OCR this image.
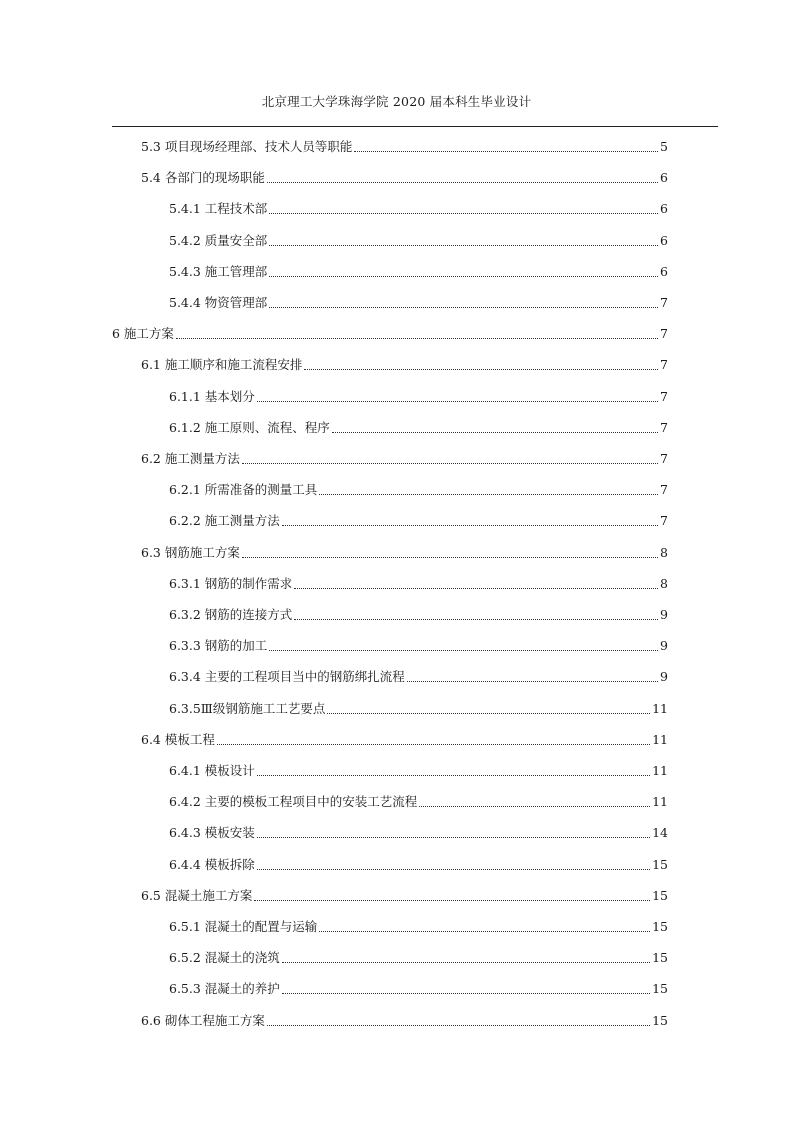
北京理工大学珠海学院 2020 届本科生毕业设计
5.3 项目现场经理部、技术人员等职能	5
5.4 各部门的现场职能	6
5.4.1 工程技术部	6
5.4.2 质量安全部	6
5.4.3 施工管理部	6
5.4.4 物资管理部	7
6 施工方案	7
6.1 施工顺序和施工流程安排	7
6.1.1 基本划分	7
6.1.2 施工原则、流程、程序	7
6.2 施工测量方法	7
6.2.1 所需准备的测量工具	7
6.2.2 施工测量方法	7
6.3 钢筋施工方案	8
6.3.1 钢筋的制作需求	8
6.3.2 钢筋的连接方式	9
6.3.3 钢筋的加工	9
6.3.4 主要的工程项目当中的钢筋绑扎流程	9
6.3.5Ⅲ级钢筋施工工艺要点	11
6.4 模板工程	11
6.4.1 模板设计	11
6.4.2 主要的模板工程项目中的安装工艺流程	11
6.4.3 模板安装	14
6.4.4 模板拆除	15
6.5 混凝土施工方案	15
6.5.1 混凝土的配置与运输	15
6.5.2 混凝土的浇筑	15
6.5.3 混凝土的养护	15
6.6 砌体工程施工方案	15
